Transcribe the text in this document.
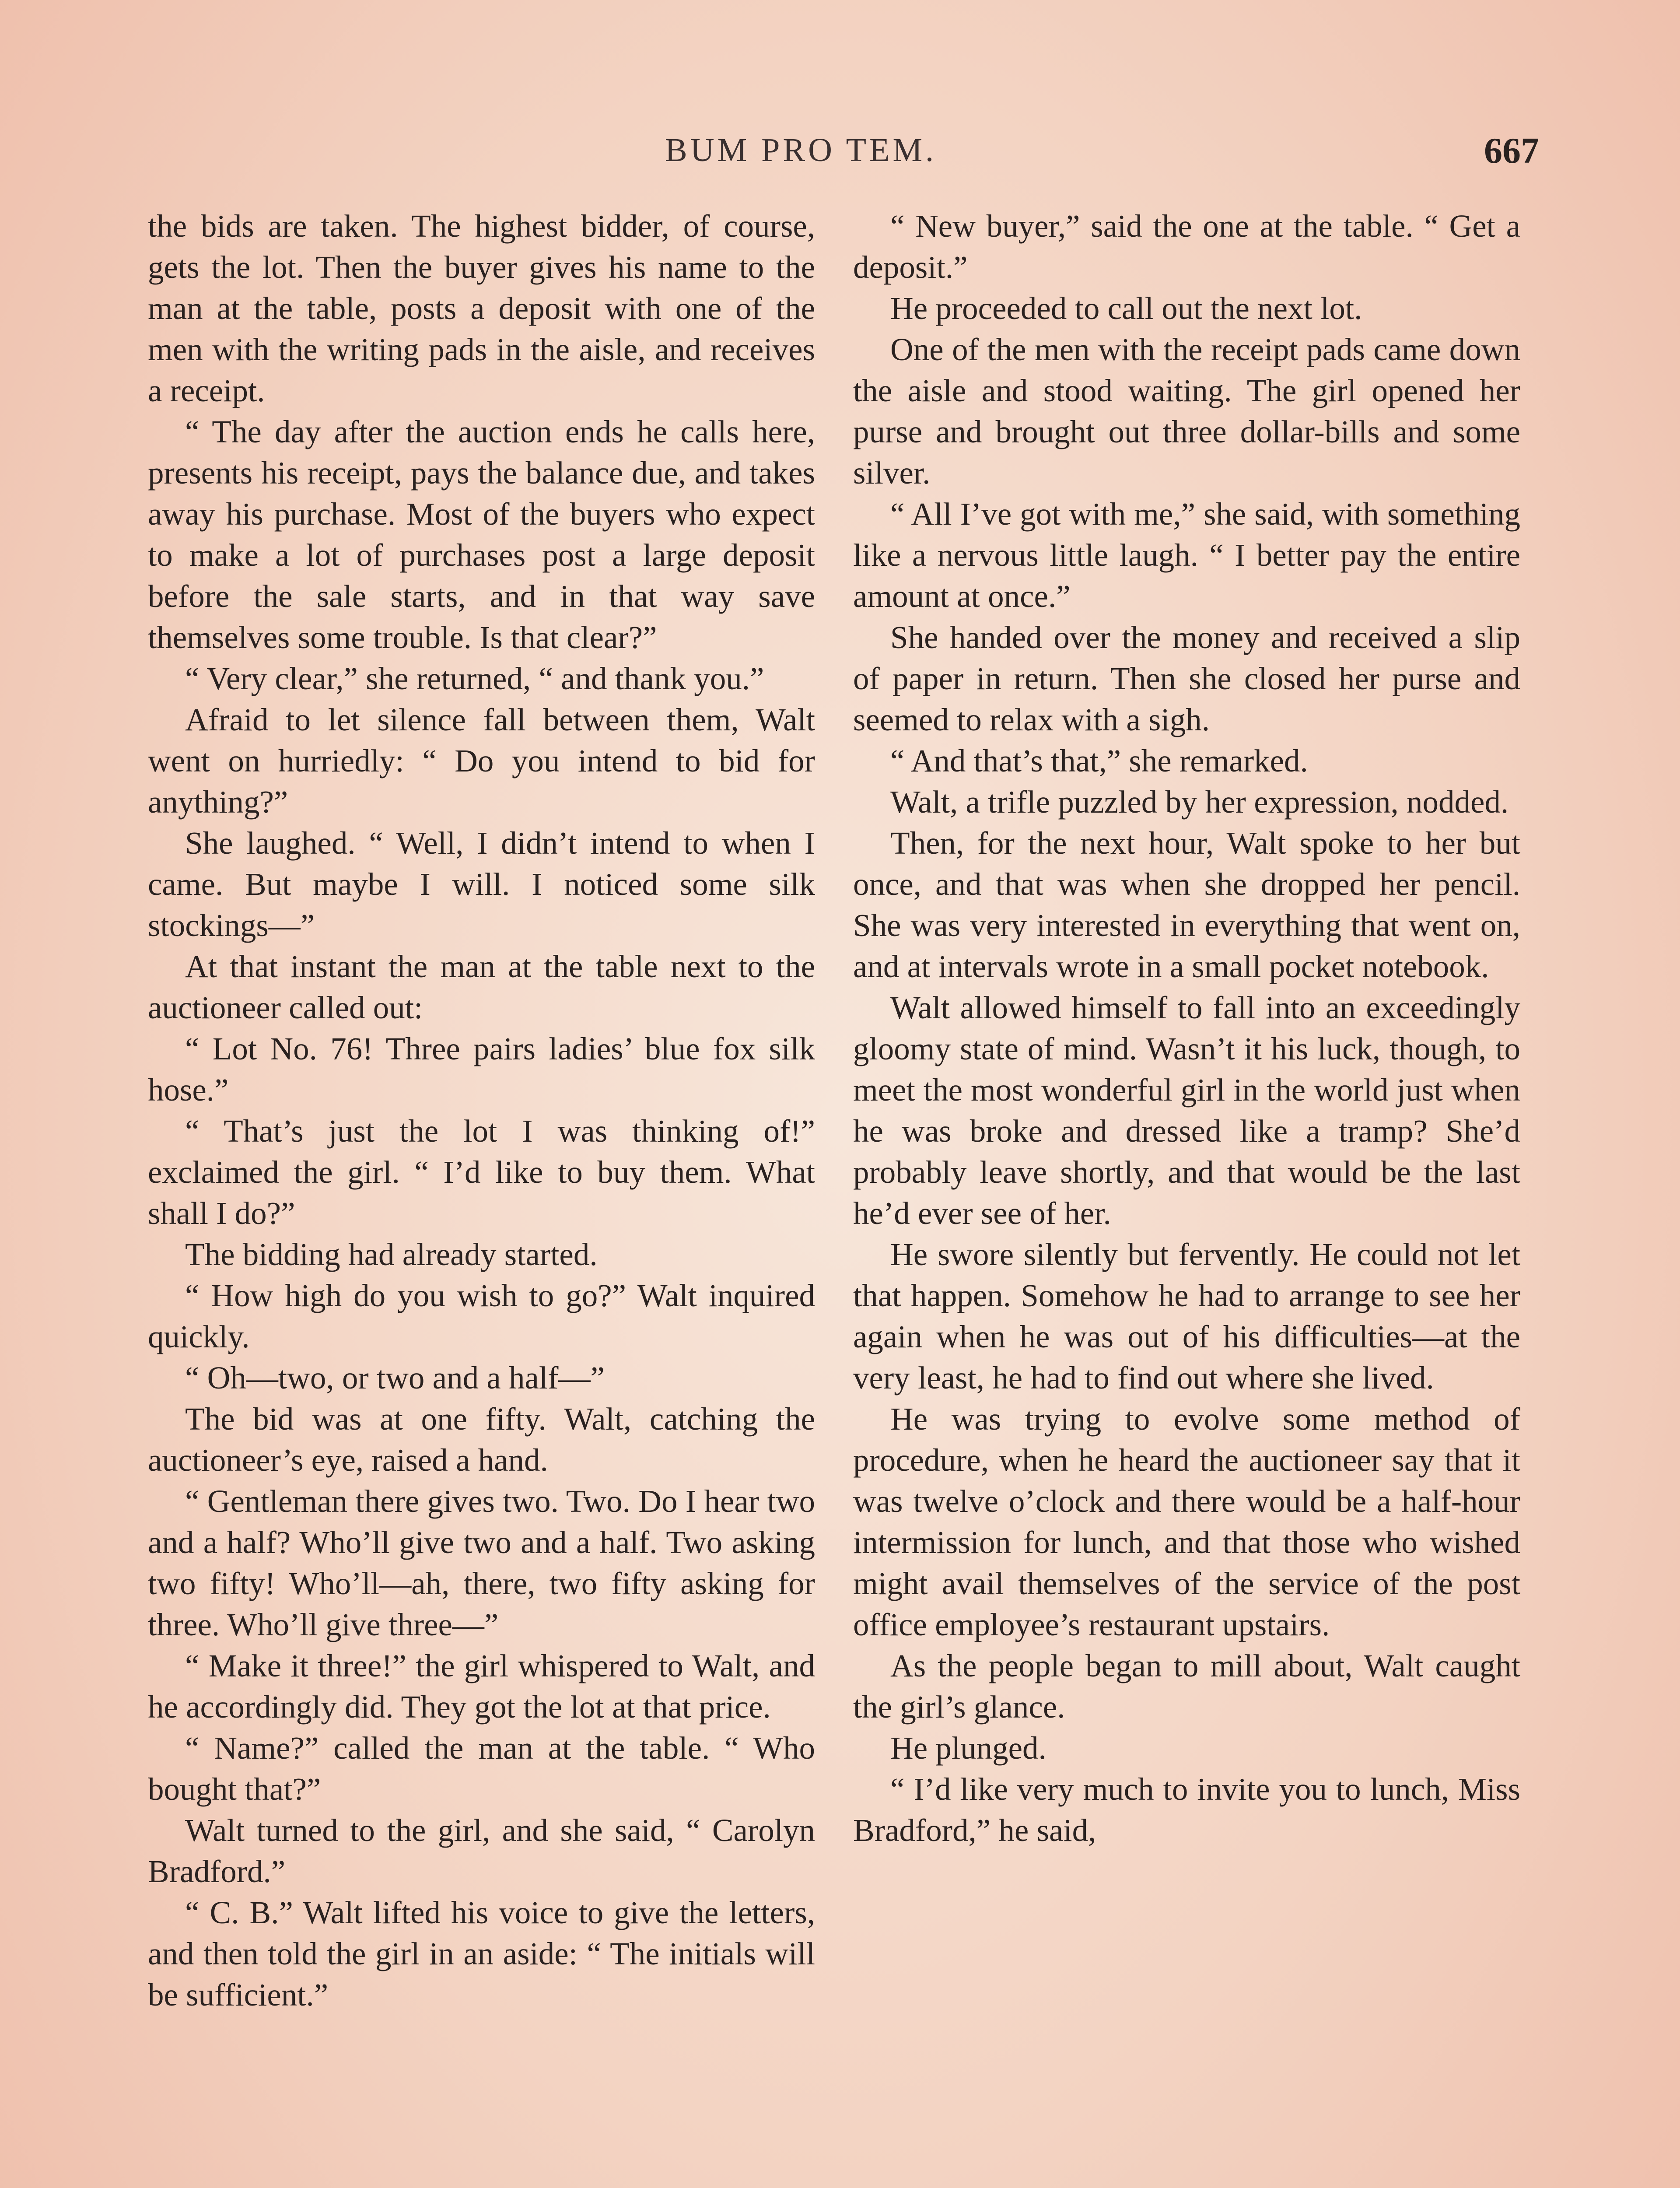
BUM PRO TEM.	667

the bids are taken. The highest bidder, of course, gets the lot. Then the buyer gives his name to the man at the table, posts a deposit with one of the men with the writing pads in the aisle, and receives a receipt.

“ The day after the auction ends he calls here, presents his receipt, pays the balance due, and takes away his purchase. Most of the buyers who expect to make a lot of purchases post a large deposit before the sale starts, and in that way save themselves some trouble. Is that clear?”

“ Very clear,” she returned, “ and thank you.”

Afraid to let silence fall between them, Walt went on hurriedly: “ Do you intend to bid for anything?”

She laughed. “ Well, I didn’t intend to when I came. But maybe I will. I noticed some silk stockings—”

At that instant the man at the table next to the auctioneer called out:

“ Lot No. 76! Three pairs ladies’ blue fox silk hose.”

“ That’s just the lot I was thinking of!” exclaimed the girl. “ I’d like to buy them. What shall I do?”

The bidding had already started.

“ How high do you wish to go?” Walt inquired quickly.

“ Oh—two, or two and a half—”

The bid was at one fifty. Walt, catching the auctioneer’s eye, raised a hand.

“ Gentleman there gives two. Two. Do I hear two and a half? Who’ll give two and a half. Two asking two fifty! Who’ll—ah, there, two fifty asking for three. Who’ll give three—”

“ Make it three!” the girl whispered to Walt, and he accordingly did. They got the lot at that price.

“ Name?” called the man at the table. “ Who bought that?”

Walt turned to the girl, and she said, “ Carolyn Bradford.”

“ C. B.” Walt lifted his voice to give the letters, and then told the girl in an aside: “ The initials will be sufficient.”

“ New buyer,” said the one at the table. “ Get a deposit.”

He proceeded to call out the next lot.

One of the men with the receipt pads came down the aisle and stood waiting. The girl opened her purse and brought out three dollar-bills and some silver.

“ All I’ve got with me,” she said, with something like a nervous little laugh. “ I better pay the entire amount at once.”

She handed over the money and received a slip of paper in return. Then she closed her purse and seemed to relax with a sigh.

“ And that’s that,” she remarked.

Walt, a trifle puzzled by her expression, nodded.

Then, for the next hour, Walt spoke to her but once, and that was when she dropped her pencil. She was very interested in everything that went on, and at intervals wrote in a small pocket notebook.

Walt allowed himself to fall into an exceedingly gloomy state of mind. Wasn’t it his luck, though, to meet the most wonderful girl in the world just when he was broke and dressed like a tramp? She’d probably leave shortly, and that would be the last he’d ever see of her.

He swore silently but fervently. He could not let that happen. Somehow he had to arrange to see her again when he was out of his difficulties—at the very least, he had to find out where she lived.

He was trying to evolve some method of procedure, when he heard the auctioneer say that it was twelve o’clock and there would be a half-hour intermission for lunch, and that those who wished might avail themselves of the service of the post office employee’s restaurant upstairs.

As the people began to mill about, Walt caught the girl’s glance.

He plunged.

“ I’d like very much to invite you to lunch, Miss Bradford,” he said,
